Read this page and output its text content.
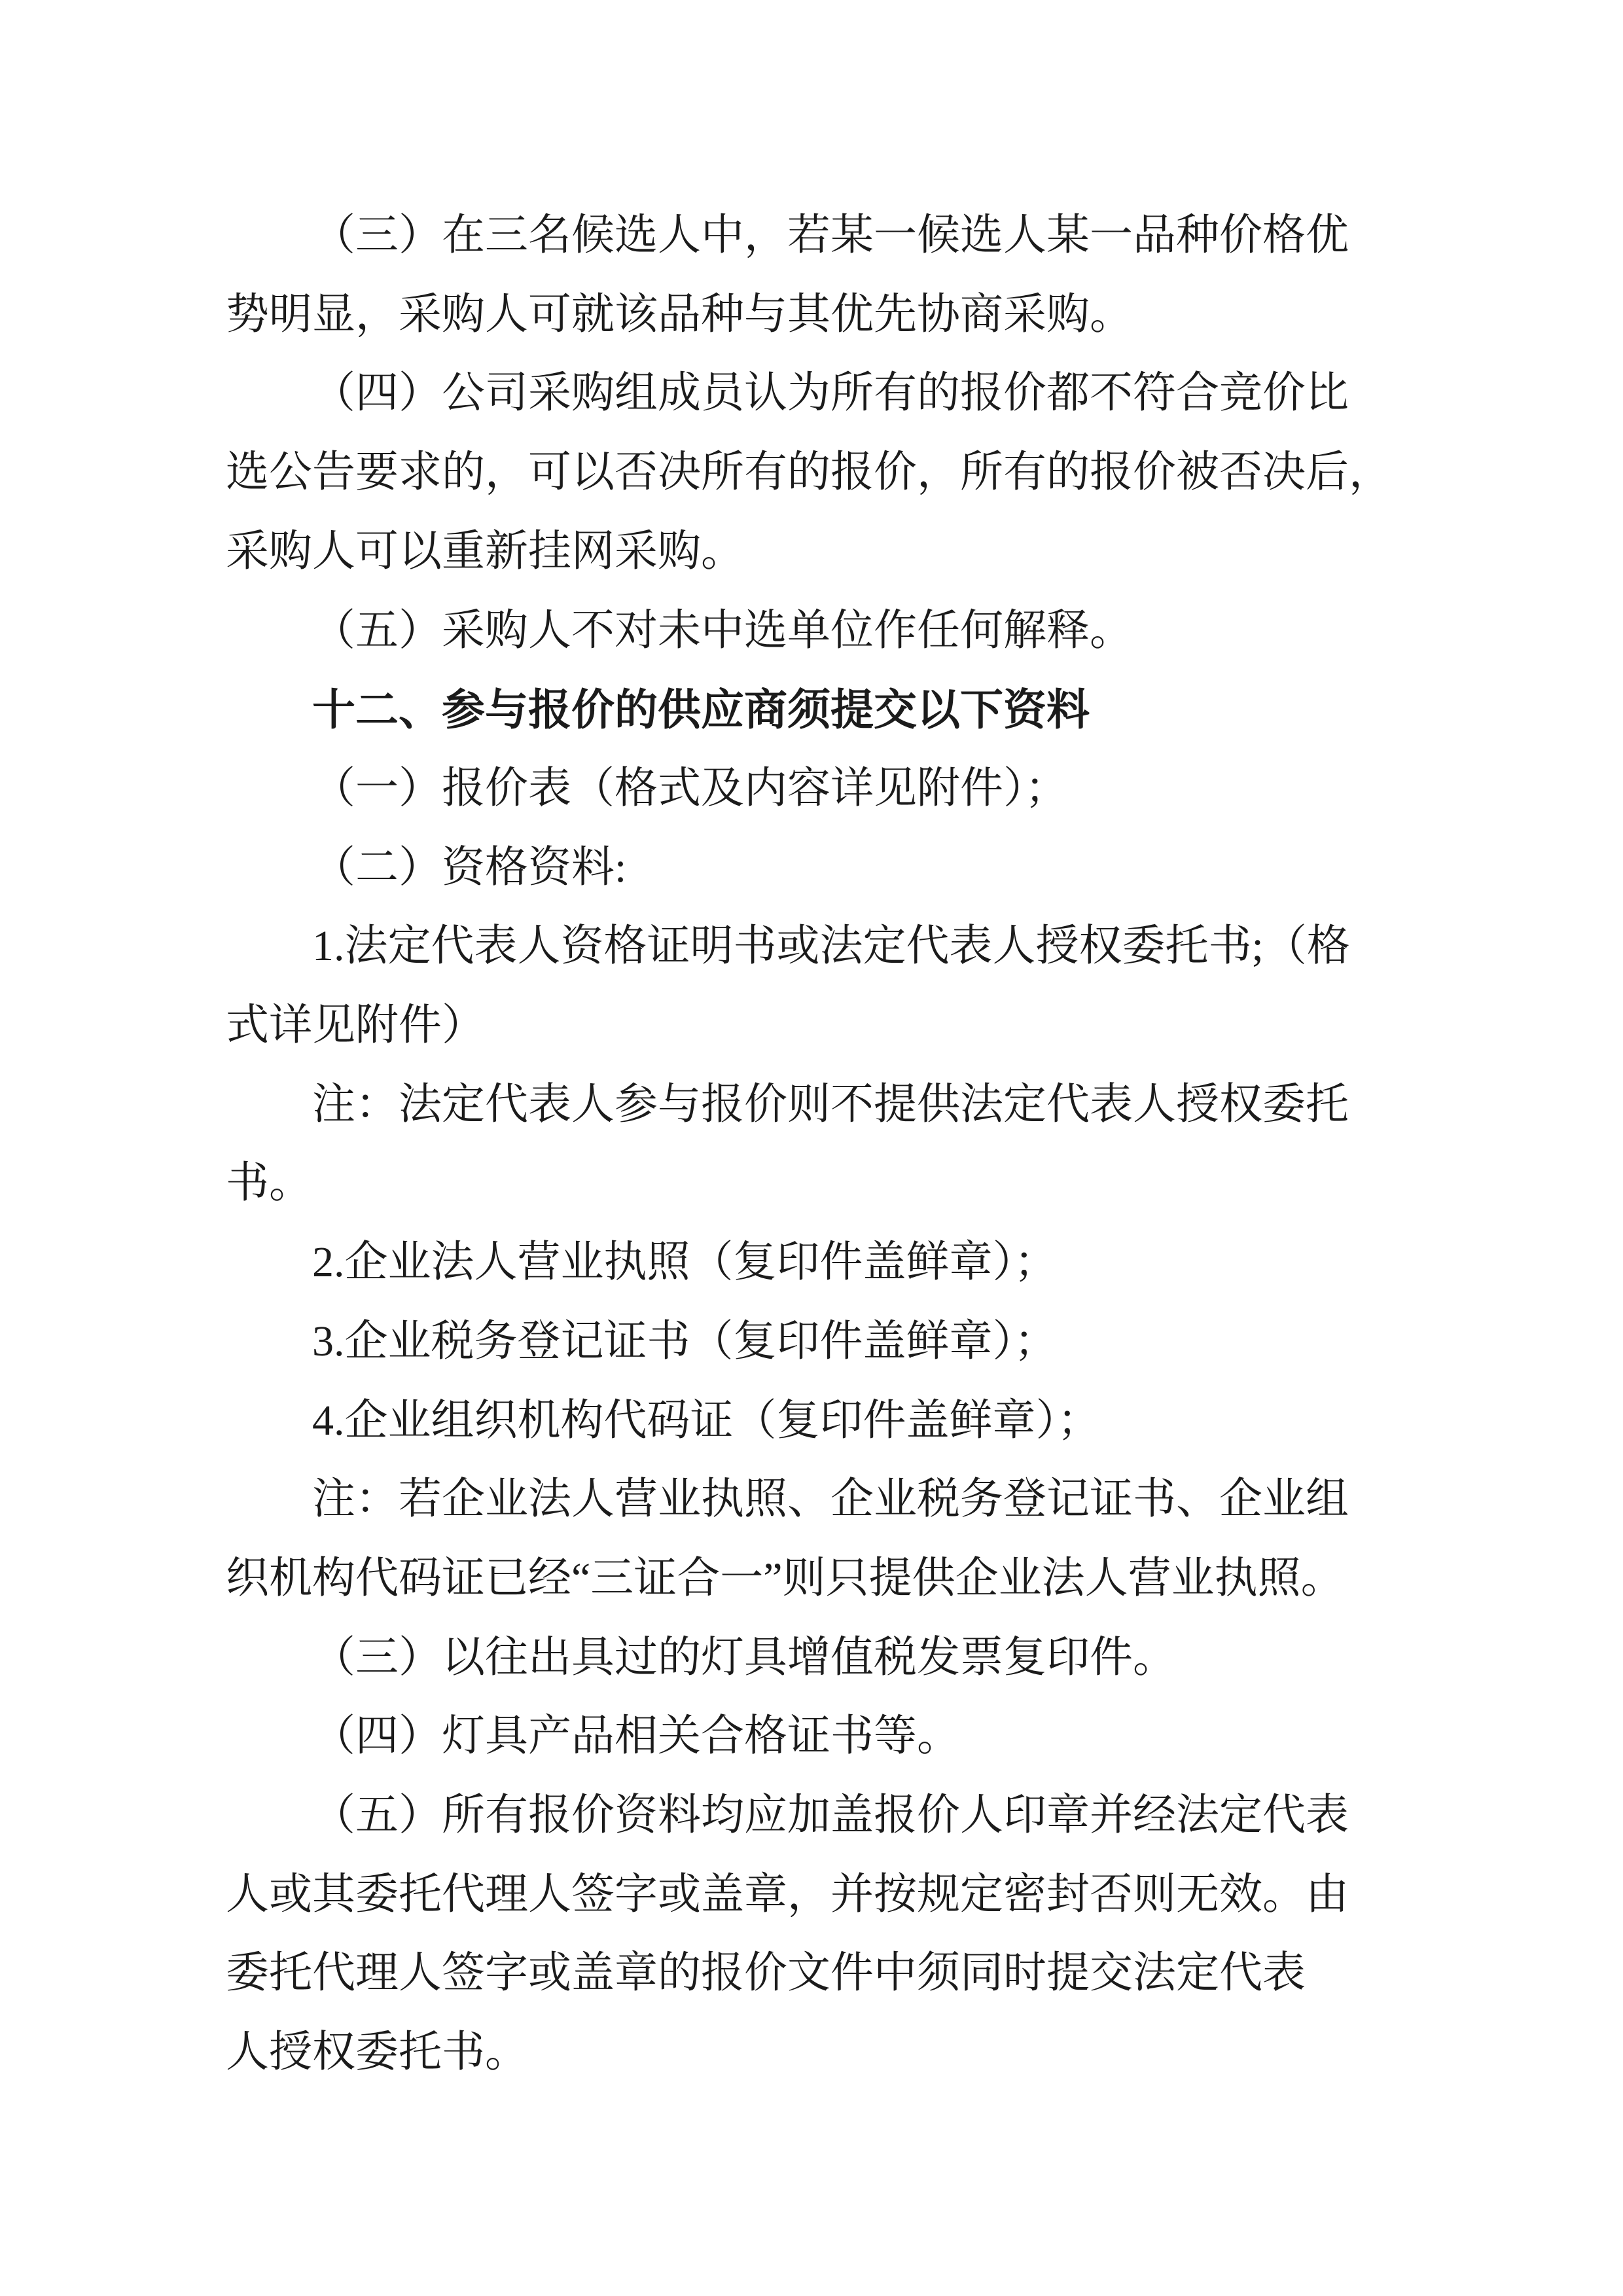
（三）在三名候选人中，若某一候选人某一品种价格优
势明显，采购人可就该品种与其优先协商采购。

（四）公司采购组成员认为所有的报价都不符合竞价比
选公告要求的，可以否决所有的报价，所有的报价被否决后，
采购人可以重新挂网采购。

（五）采购人不对未中选单位作任何解释。

十二、参与报价的供应商须提交以下资料

（一）报价表（格式及内容详见附件）；

（二）资格资料:

1.法定代表人资格证明书或法定代表人授权委托书;（格
式详见附件）

注：法定代表人参与报价则不提供法定代表人授权委托
书。

2.企业法人营业执照（复印件盖鲜章）；

3.企业税务登记证书（复印件盖鲜章）；

4.企业组织机构代码证（复印件盖鲜章）；

注：若企业法人营业执照、企业税务登记证书、企业组
织机构代码证已经“三证合一”则只提供企业法人营业执照。

（三）以往出具过的灯具增值税发票复印件。

（四）灯具产品相关合格证书等。

（五）所有报价资料均应加盖报价人印章并经法定代表
人或其委托代理人签字或盖章，并按规定密封否则无效。由
委托代理人签字或盖章的报价文件中须同时提交法定代表
人授权委托书。
